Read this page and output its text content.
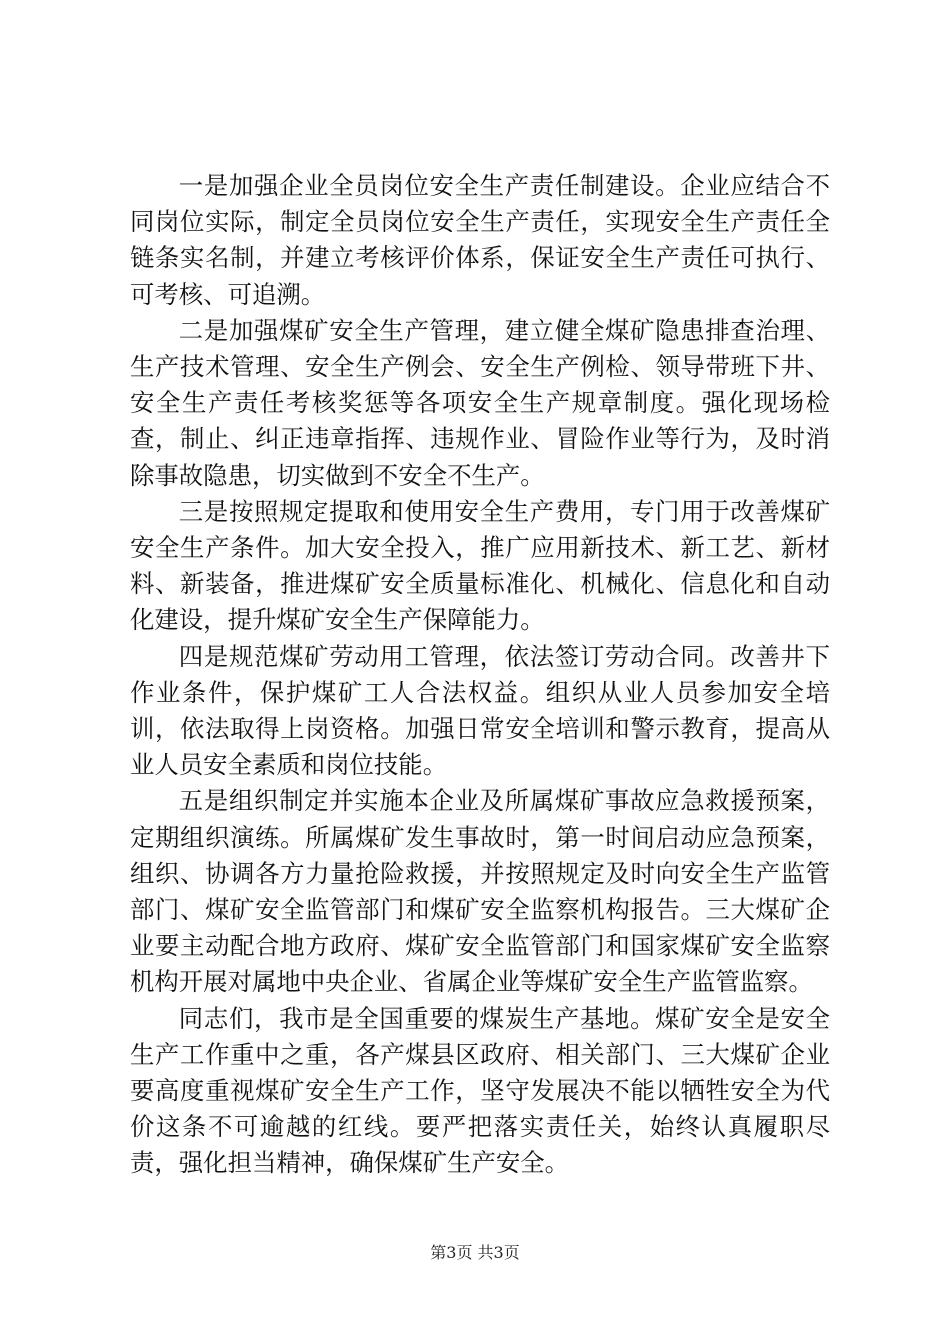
一是加强企业全员岗位安全生产责任制建设。企业应结合不同岗位实际，制定全员岗位安全生产责任，实现安全生产责任全链条实名制，并建立考核评价体系，保证安全生产责任可执行、可考核、可追溯。

二是加强煤矿安全生产管理，建立健全煤矿隐患排查治理、生产技术管理、安全生产例会、安全生产例检、领导带班下井、安全生产责任考核奖惩等各项安全生产规章制度。强化现场检查，制止、纠正违章指挥、违规作业、冒险作业等行为，及时消除事故隐患，切实做到不安全不生产。

三是按照规定提取和使用安全生产费用，专门用于改善煤矿安全生产条件。加大安全投入，推广应用新技术、新工艺、新材料、新装备，推进煤矿安全质量标准化、机械化、信息化和自动化建设，提升煤矿安全生产保障能力。

四是规范煤矿劳动用工管理，依法签订劳动合同。改善井下作业条件，保护煤矿工人合法权益。组织从业人员参加安全培训，依法取得上岗资格。加强日常安全培训和警示教育，提高从业人员安全素质和岗位技能。

五是组织制定并实施本企业及所属煤矿事故应急救援预案，定期组织演练。所属煤矿发生事故时，第一时间启动应急预案，组织、协调各方力量抢险救援，并按照规定及时向安全生产监管部门、煤矿安全监管部门和煤矿安全监察机构报告。三大煤矿企业要主动配合地方政府、煤矿安全监管部门和国家煤矿安全监察机构开展对属地中央企业、省属企业等煤矿安全生产监管监察。

同志们，我市是全国重要的煤炭生产基地。煤矿安全是安全生产工作重中之重，各产煤县区政府、相关部门、三大煤矿企业要高度重视煤矿安全生产工作，坚守发展决不能以牺牲安全为代价这条不可逾越的红线。要严把落实责任关，始终认真履职尽责，强化担当精神，确保煤矿生产安全。

第3页 共3页
